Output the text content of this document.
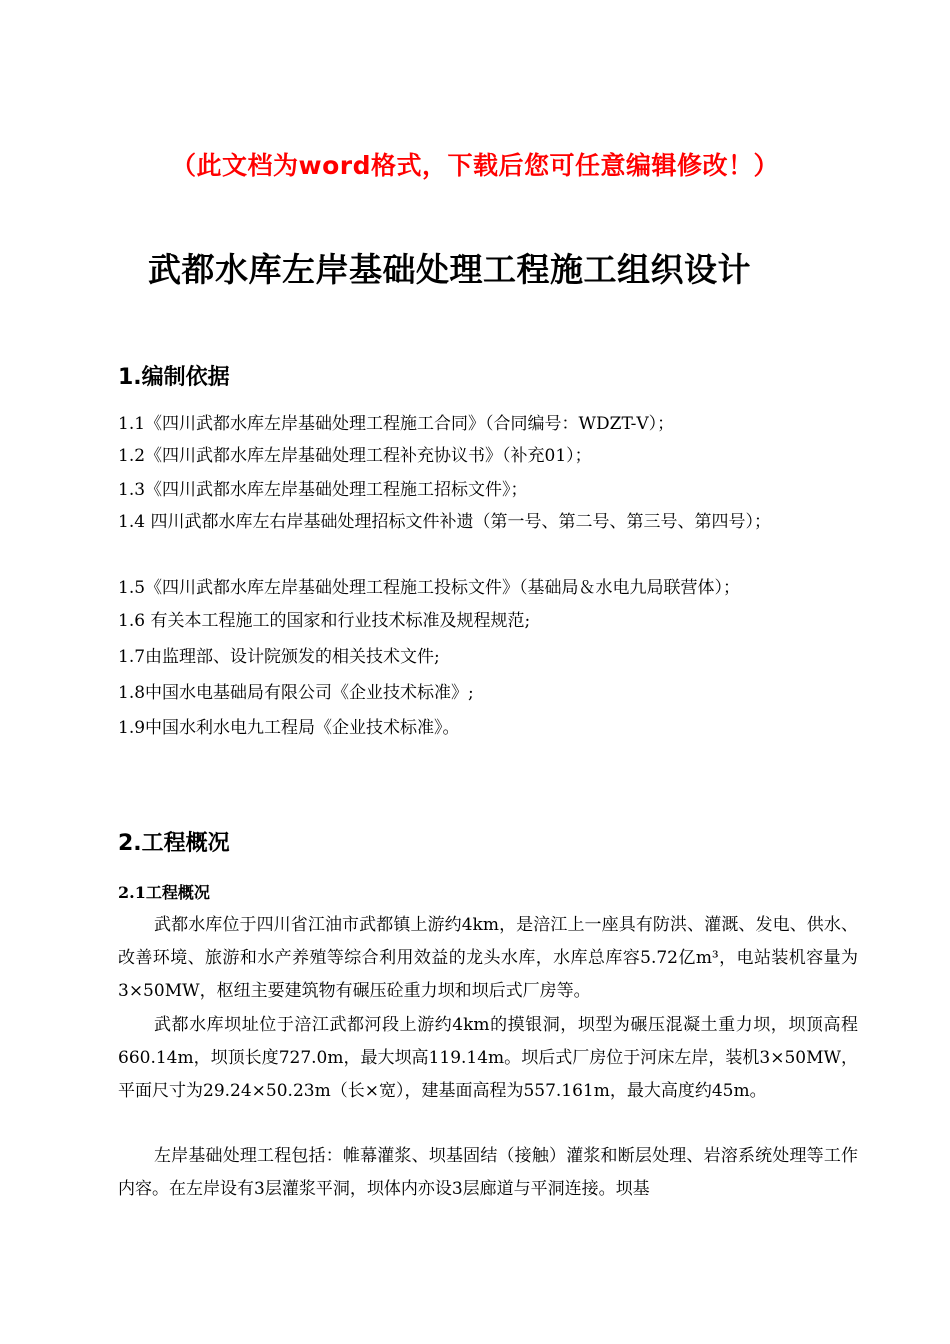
（此文档为word格式，下载后您可任意编辑修改！）
武都水库左岸基础处理工程施工组织设计
1.编制依据
1.1《四川武都水库左岸基础处理工程施工合同》（合同编号：WDZT-Ⅴ）；
1.2《四川武都水库左岸基础处理工程补充协议书》（补充01）；
1.3《四川武都水库左岸基础处理工程施工招标文件》；
1.4 四川武都水库左右岸基础处理招标文件补遗（第一号、第二号、第三号、第四号）；
1.5《四川武都水库左岸基础处理工程施工投标文件》（基础局＆水电九局联营体）；
1.6 有关本工程施工的国家和行业技术标准及规程规范;
1.7由监理部、设计院颁发的相关技术文件;
1.8中国水电基础局有限公司《企业技术标准》;
1.9中国水利水电九工程局《企业技术标准》。
2.工程概况
2.1工程概况
武都水库位于四川省江油市武都镇上游约4km，是涪江上一座具有防洪、灌溉、发电、供水、改善环境、旅游和水产养殖等综合利用效益的龙头水库，水库总库容5.72亿m³，电站装机容量为3×50MW，枢纽主要建筑物有碾压砼重力坝和坝后式厂房等。
武都水库坝址位于涪江武都河段上游约4km的摸银洞，坝型为碾压混凝土重力坝，坝顶高程660.14m，坝顶长度727.0m，最大坝高119.14m。坝后式厂房位于河床左岸，装机3×50MW，平面尺寸为29.24×50.23m（长×宽），建基面高程为557.161m，最大高度约45m。
左岸基础处理工程包括：帷幕灌浆、坝基固结（接触）灌浆和断层处理、岩溶系统处理等工作内容。在左岸设有3层灌浆平洞，坝体内亦设3层廊道与平洞连接。坝基
